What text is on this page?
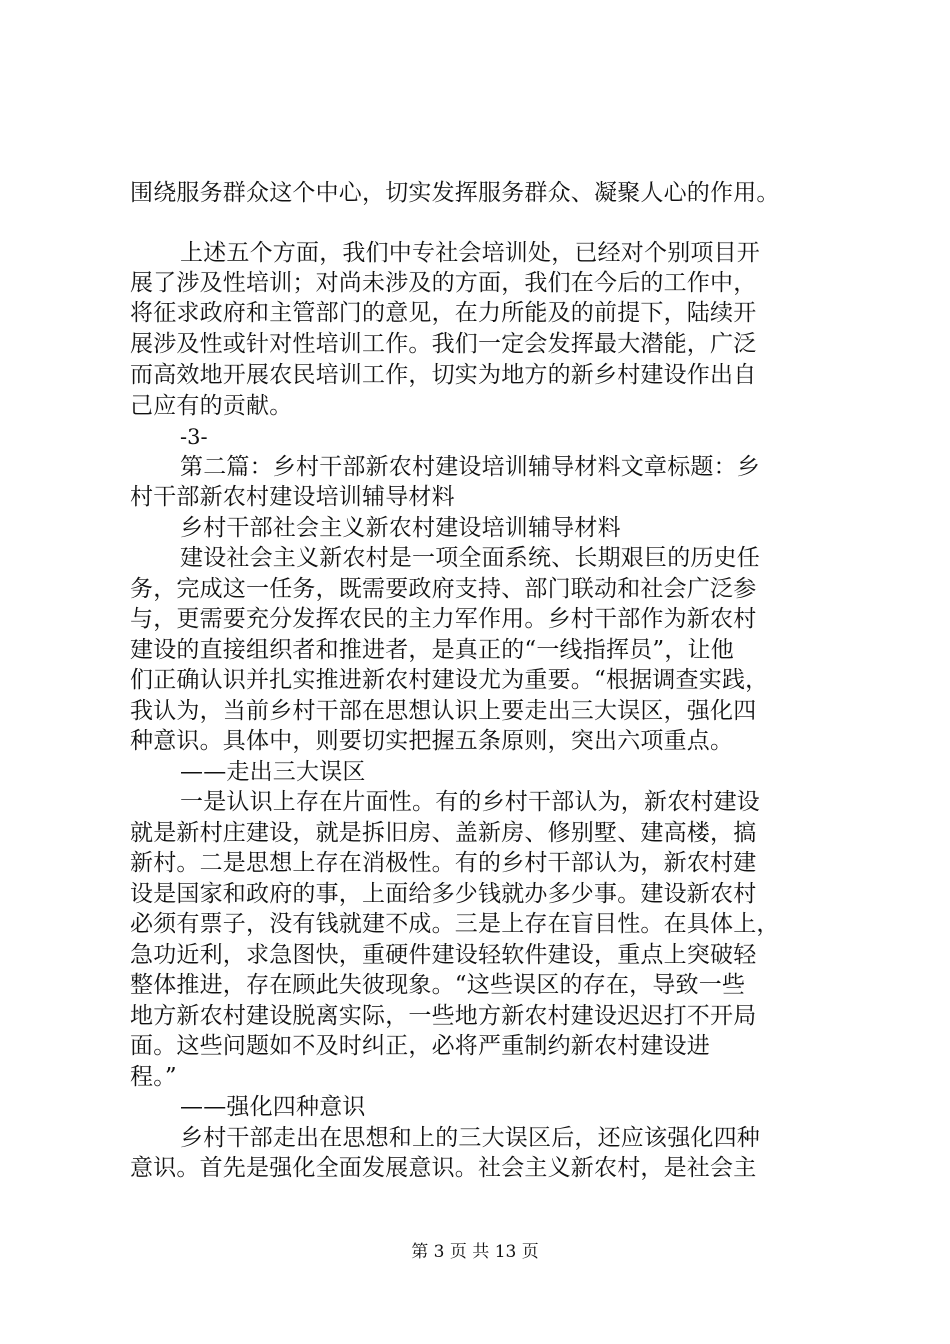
围绕服务群众这个中心，切实发挥服务群众、凝聚人心的作用。
上述五个方面，我们中专社会培训处，已经对个别项目开
展了涉及性培训；对尚未涉及的方面，我们在今后的工作中，
将征求政府和主管部门的意见，在力所能及的前提下，陆续开
展涉及性或针对性培训工作。我们一定会发挥最大潜能，广泛
而高效地开展农民培训工作，切实为地方的新乡村建设作出自
己应有的贡献。
-3-
第二篇：乡村干部新农村建设培训辅导材料文章标题：乡
村干部新农村建设培训辅导材料
乡村干部社会主义新农村建设培训辅导材料
建设社会主义新农村是一项全面系统、长期艰巨的历史任
务，完成这一任务，既需要政府支持、部门联动和社会广泛参
与，更需要充分发挥农民的主力军作用。乡村干部作为新农村
建设的直接组织者和推进者，是真正的“一线指挥员”，让他
们正确认识并扎实推进新农村建设尤为重要。“根据调查实践，
我认为，当前乡村干部在思想认识上要走出三大误区，强化四
种意识。具体中，则要切实把握五条原则，突出六项重点。
——走出三大误区
一是认识上存在片面性。有的乡村干部认为，新农村建设
就是新村庄建设，就是拆旧房、盖新房、修别墅、建高楼，搞
新村。二是思想上存在消极性。有的乡村干部认为，新农村建
设是国家和政府的事，上面给多少钱就办多少事。建设新农村
必须有票子，没有钱就建不成。三是上存在盲目性。在具体上，
急功近利，求急图快，重硬件建设轻软件建设，重点上突破轻
整体推进，存在顾此失彼现象。“这些误区的存在，导致一些
地方新农村建设脱离实际，一些地方新农村建设迟迟打不开局
面。这些问题如不及时纠正，必将严重制约新农村建设进
程。”
——强化四种意识
乡村干部走出在思想和上的三大误区后，还应该强化四种
意识。首先是强化全面发展意识。社会主义新农村，是社会主
第 3 页 共 13 页
